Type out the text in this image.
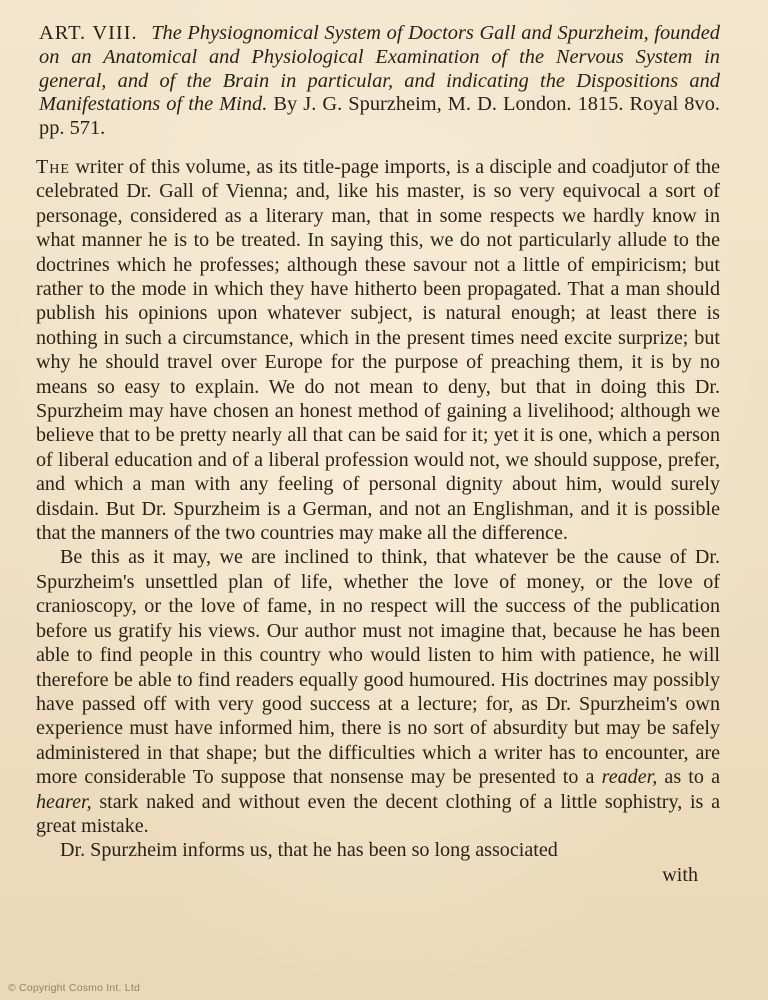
ART. VIII. The Physiognomical System of Doctors Gall and Spurzheim, founded on an Anatomical and Physiological Examination of the Nervous System in general, and of the Brain in particular, and indicating the Dispositions and Manifestations of the Mind. By J. G. Spurzheim, M. D. London. 1815. Royal 8vo. pp. 571.

The writer of this volume, as its title-page imports, is a disciple and coadjutor of the celebrated Dr. Gall of Vienna; and, like his master, is so very equivocal a sort of personage, considered as a literary man, that in some respects we hardly know in what manner he is to be treated. In saying this, we do not particularly allude to the doctrines which he professes; although these savour not a little of empiricism; but rather to the mode in which they have hitherto been propagated. That a man should publish his opinions upon whatever subject, is natural enough; at least there is nothing in such a circumstance, which in the present times need excite surprize; but why he should travel over Europe for the purpose of preaching them, it is by no means so easy to explain. We do not mean to deny, but that in doing this Dr. Spurzheim may have chosen an honest method of gaining a livelihood; although we believe that to be pretty nearly all that can be said for it; yet it is one, which a person of liberal education and of a liberal profession would not, we should suppose, prefer, and which a man with any feeling of personal dignity about him, would surely disdain. But Dr. Spurzheim is a German, and not an Englishman, and it is possible that the manners of the two countries may make all the difference.

Be this as it may, we are inclined to think, that whatever be the cause of Dr. Spurzheim's unsettled plan of life, whether the love of money, or the love of cranioscopy, or the love of fame, in no respect will the success of the publication before us gratify his views. Our author must not imagine that, because he has been able to find people in this country who would listen to him with patience, he will therefore be able to find readers equally good humoured. His doctrines may possibly have passed off with very good success at a lecture; for, as Dr. Spurzheim's own experience must have informed him, there is no sort of absurdity but may be safely administered in that shape; but the difficulties which a writer has to encounter, are more considerable To suppose that nonsense may be presented to a reader, as to a hearer, stark naked and without even the decent clothing of a little sophistry, is a great mistake.

Dr. Spurzheim informs us, that he has been so long associated

with

© Copyright Cosmo Int. Ltd
